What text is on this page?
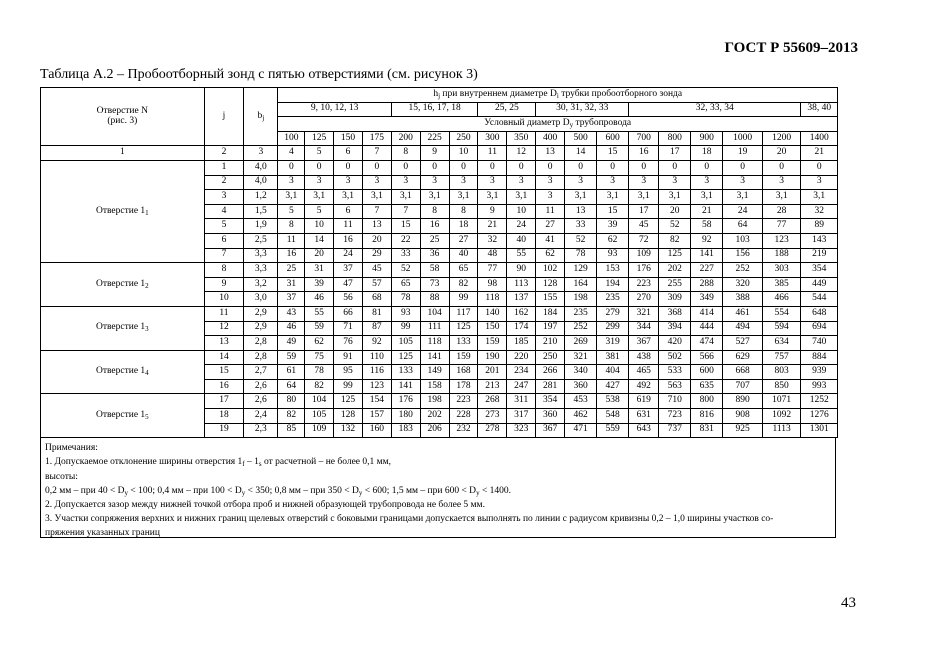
ГОСТ Р 55609–2013
Таблица А.2 – Пробоотборный зонд с пятью отверстиями (см. рисунок 3)
Отверстие N
(рис. 3)	j	$b_j$	$h_j$ при внутреннем диаметре $D_i$ трубки пробоотборного зонда																	
			9, 10, 12, 13				15, 16, 17, 18			25, 25		30, 31, 32, 33			32, 33, 34					38, 40
			Условный диаметр $D_y$ трубопровода																	
			100	125	150	175	200	225	250	300	350	400	500	600	700	800	900	1000	1200	1400
1	2	3	4	5	6	7	8	9	10	11	12	13	14	15	16	17	18	19	20	21
Отверстие $1_1$	1	4,0	0	0	0	0	0	0	0	0	0	0	0	0	0	0	0	0	0	0
	2	4,0	3	3	3	3	3	3	3	3	3	3	3	3	3	3	3	3	3	3
	3	1,2	3,1	3,1	3,1	3,1	3,1	3,1	3,1	3,1	3,1	3	3,1	3,1	3,1	3,1	3,1	3,1	3,1	3,1
	4	1,5	5	5	6	7	7	8	8	9	10	11	13	15	17	20	21	24	28	32
	5	1,9	8	10	11	13	15	16	18	21	24	27	33	39	45	52	58	64	77	89
	6	2,5	11	14	16	20	22	25	27	32	40	41	52	62	72	82	92	103	123	143
	7	3,3	16	20	24	29	33	36	40	48	55	62	78	93	109	125	141	156	188	219
Отверстие $1_2$	8	3,3	25	31	37	45	52	58	65	77	90	102	129	153	176	202	227	252	303	354
	9	3,2	31	39	47	57	65	73	82	98	113	128	164	194	223	255	288	320	385	449
	10	3,0	37	46	56	68	78	88	99	118	137	155	198	235	270	309	349	388	466	544
Отверстие $1_3$	11	2,9	43	55	66	81	93	104	117	140	162	184	235	279	321	368	414	461	554	648
	12	2,9	46	59	71	87	99	111	125	150	174	197	252	299	344	394	444	494	594	694
	13	2,8	49	62	76	92	105	118	133	159	185	210	269	319	367	420	474	527	634	740
Отверстие $1_4$	14	2,8	59	75	91	110	125	141	159	190	220	250	321	381	438	502	566	629	757	884
	15	2,7	61	78	95	116	133	149	168	201	234	266	340	404	465	533	600	668	803	939
	16	2,6	64	82	99	123	141	158	178	213	247	281	360	427	492	563	635	707	850	993
Отверстие $1_5$	17	2,6	80	104	125	154	176	198	223	268	311	354	453	538	619	710	800	890	1071	1252
	18	2,4	82	105	128	157	180	202	228	273	317	360	462	548	631	723	816	908	1092	1276
	19	2,3	85	109	132	160	183	206	232	278	323	367	471	559	643	737	831	925	1113	1301
Примечания:
1. Допускаемое отклонение ширины отверстия $1_f - 1_s$ от расчетной – не более 0,1 мм,
высоты:
0,2 мм – при $40 < D_y < 100$; 0,4 мм – при $100 < D_y < 350$; 0,8 мм – при $350 < D_y < 600$; 1,5 мм – при $600 < D_y < 1400$.
2. Допускается зазор между нижней точкой отбора проб и нижней образующей трубопровода не более 5 мм.
3. Участки сопряжения верхних и нижних границ щелевых отверстий с боковыми границами допускается выполнять по линии с радиусом кривизны 0,2 – 1,0 ширины участков со-
пряжения указанных границ
43
